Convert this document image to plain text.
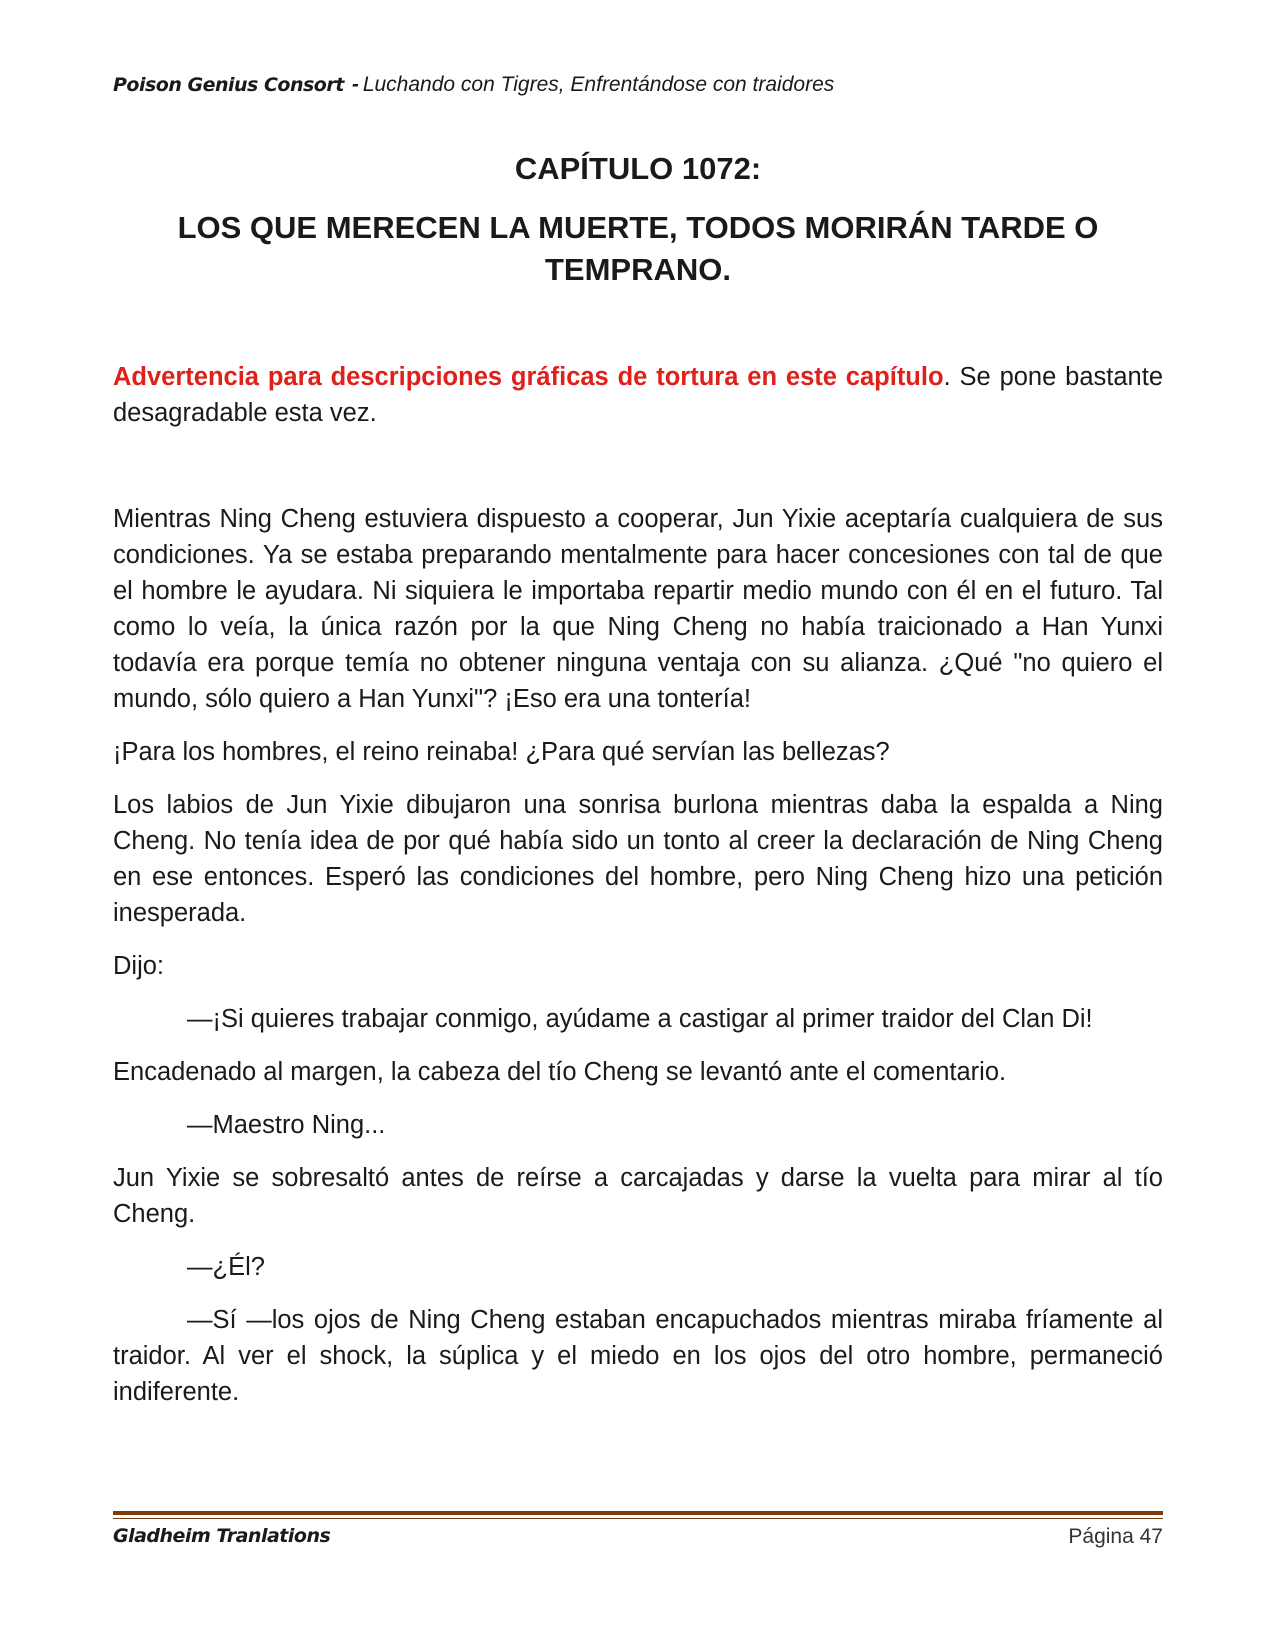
Poison Genius Consort - Luchando con Tigres, Enfrentándose con traidores
CAPÍTULO 1072:
LOS QUE MERECEN LA MUERTE, TODOS MORIRÁN TARDE O TEMPRANO.

Advertencia para descripciones gráficas de tortura en este capítulo. Se pone bastante desagradable esta vez.

Mientras Ning Cheng estuviera dispuesto a cooperar, Jun Yixie aceptaría cualquiera de sus condiciones. Ya se estaba preparando mentalmente para hacer concesiones con tal de que el hombre le ayudara. Ni siquiera le importaba repartir medio mundo con él en el futuro. Tal como lo veía, la única razón por la que Ning Cheng no había traicionado a Han Yunxi todavía era porque temía no obtener ninguna ventaja con su alianza. ¿Qué "no quiero el mundo, sólo quiero a Han Yunxi"? ¡Eso era una tontería!

¡Para los hombres, el reino reinaba! ¿Para qué servían las bellezas?

Los labios de Jun Yixie dibujaron una sonrisa burlona mientras daba la espalda a Ning Cheng. No tenía idea de por qué había sido un tonto al creer la declaración de Ning Cheng en ese entonces. Esperó las condiciones del hombre, pero Ning Cheng hizo una petición inesperada.

Dijo:

—¡Si quieres trabajar conmigo, ayúdame a castigar al primer traidor del Clan Di!

Encadenado al margen, la cabeza del tío Cheng se levantó ante el comentario.

—Maestro Ning...

Jun Yixie se sobresaltó antes de reírse a carcajadas y darse la vuelta para mirar al tío Cheng.

—¿Él?

—Sí —los ojos de Ning Cheng estaban encapuchados mientras miraba fríamente al traidor. Al ver el shock, la súplica y el miedo en los ojos del otro hombre, permaneció indiferente.

Gladheim Tranlations	Página 47
